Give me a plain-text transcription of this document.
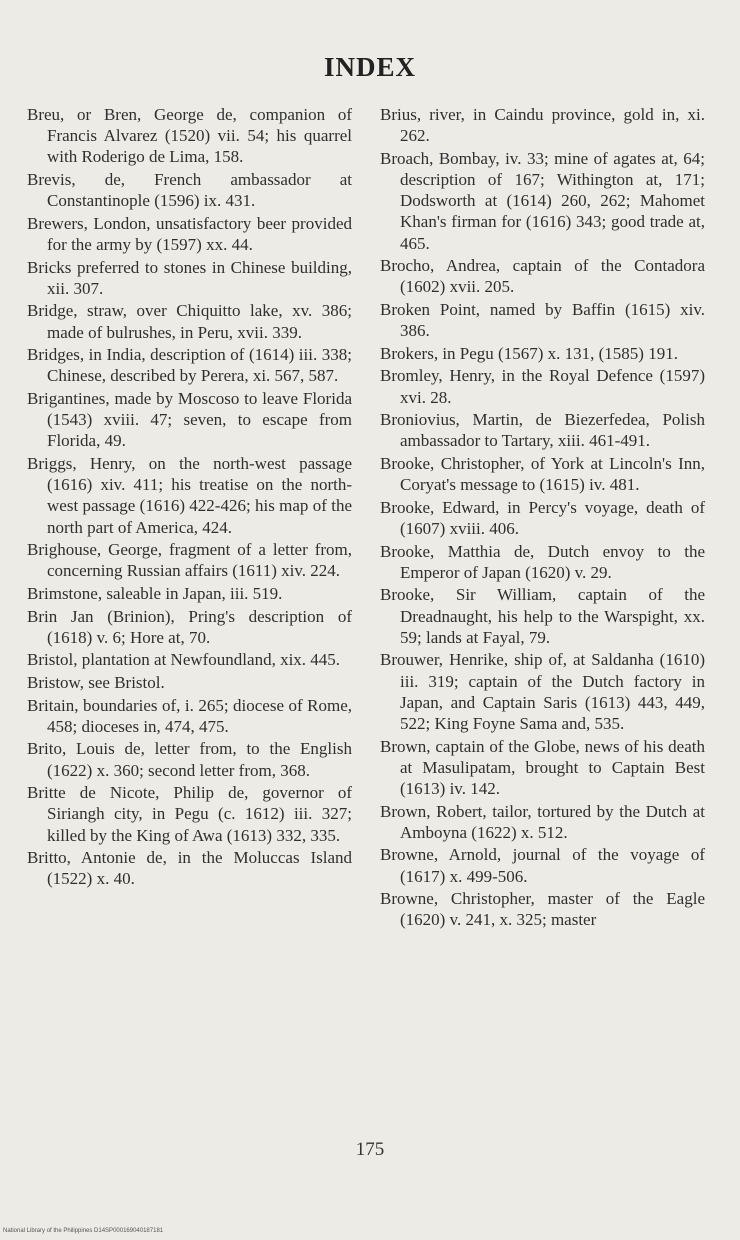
INDEX

Breu, or Bren, George de, companion of Francis Alvarez (1520) vii. 54; his quarrel with Roderigo de Lima, 158.

Brevis, de, French ambassador at Constantinople (1596) ix. 431.

Brewers, London, unsatisfactory beer provided for the army by (1597) xx. 44.

Bricks preferred to stones in Chinese building, xii. 307.

Bridge, straw, over Chiquitto lake, xv. 386; made of bulrushes, in Peru, xvii. 339.

Bridges, in India, description of (1614) iii. 338; Chinese, described by Perera, xi. 567, 587.

Brigantines, made by Moscoso to leave Florida (1543) xviii. 47; seven, to escape from Florida, 49.

Briggs, Henry, on the north-west passage (1616) xiv. 411; his treatise on the north-west passage (1616) 422-426; his map of the north part of America, 424.

Brighouse, George, fragment of a letter from, concerning Russian affairs (1611) xiv. 224.

Brimstone, saleable in Japan, iii. 519.

Brin Jan (Brinion), Pring's description of (1618) v. 6; Hore at, 70.

Bristol, plantation at Newfoundland, xix. 445.

Bristow, see Bristol.

Britain, boundaries of, i. 265; diocese of Rome, 458; dioceses in, 474, 475.

Brito, Louis de, letter from, to the English (1622) x. 360; second letter from, 368.

Britte de Nicote, Philip de, governor of Siriangh city, in Pegu (c. 1612) iii. 327; killed by the King of Awa (1613) 332, 335.

Britto, Antonie de, in the Moluccas Island (1522) x. 40.

Brius, river, in Caindu province, gold in, xi. 262.

Broach, Bombay, iv. 33; mine of agates at, 64; description of 167; Withington at, 171; Dodsworth at (1614) 260, 262; Mahomet Khan's firman for (1616) 343; good trade at, 465.

Brocho, Andrea, captain of the Contadora (1602) xvii. 205.

Broken Point, named by Baffin (1615) xiv. 386.

Brokers, in Pegu (1567) x. 131, (1585) 191.

Bromley, Henry, in the Royal Defence (1597) xvi. 28.

Broniovius, Martin, de Biezerfedea, Polish ambassador to Tartary, xiii. 461-491.

Brooke, Christopher, of York at Lincoln's Inn, Coryat's message to (1615) iv. 481.

Brooke, Edward, in Percy's voyage, death of (1607) xviii. 406.

Brooke, Matthia de, Dutch envoy to the Emperor of Japan (1620) v. 29.

Brooke, Sir William, captain of the Dreadnaught, his help to the Warspight, xx. 59; lands at Fayal, 79.

Brouwer, Henrike, ship of, at Saldanha (1610) iii. 319; captain of the Dutch factory in Japan, and Captain Saris (1613) 443, 449, 522; King Foyne Sama and, 535.

Brown, captain of the Globe, news of his death at Masulipatam, brought to Captain Best (1613) iv. 142.

Brown, Robert, tailor, tortured by the Dutch at Amboyna (1622) x. 512.

Browne, Arnold, journal of the voyage of (1617) x. 499-506.

Browne, Christopher, master of the Eagle (1620) v. 241, x. 325; master

175
National Library of the Philippines D14SP000169040187181
